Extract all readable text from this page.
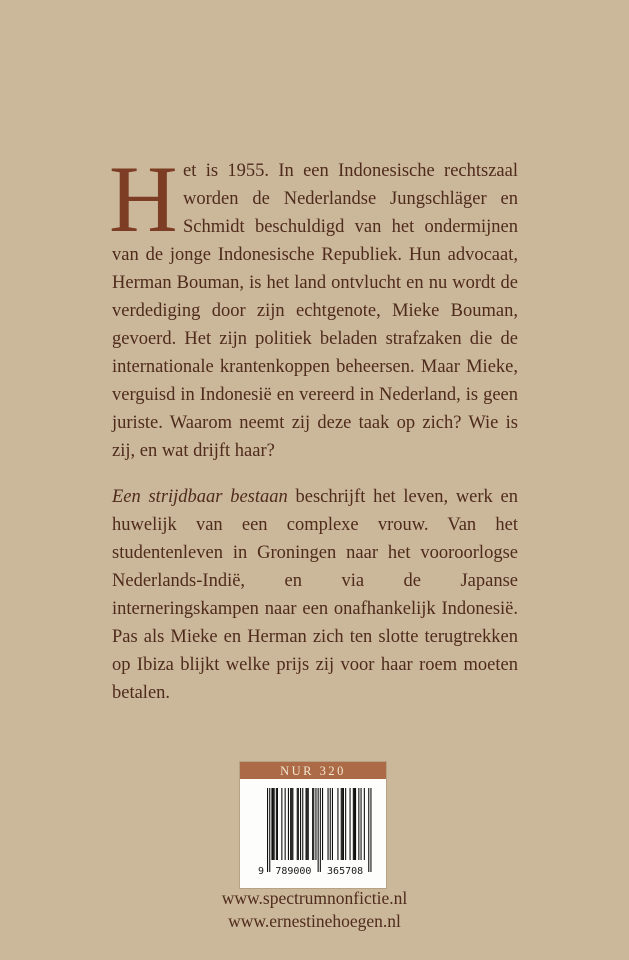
Het is 1955. In een Indonesische rechtszaal worden de Nederlandse Jungschläger en Schmidt beschuldigd van het ondermijnen van de jonge Indonesische Republiek. Hun advocaat, Herman Bouman, is het land ontvlucht en nu wordt de verdediging door zijn echtgenote, Mieke Bouman, gevoerd. Het zijn politiek beladen strafzaken die de internationale krantenkoppen beheersen. Maar Mieke, verguisd in Indonesië en vereerd in Nederland, is geen juriste. Waarom neemt zij deze taak op zich? Wie is zij, en wat drijft haar?

Een strijdbaar bestaan beschrijft het leven, werk en huwelijk van een complexe vrouw. Van het studentenleven in Groningen naar het vooroorlogse Nederlands-Indië, en via de Japanse interneringskampen naar een onafhankelijk Indonesië. Pas als Mieke en Herman zich ten slotte terugtrekken op Ibiza blijkt welke prijs zij voor haar roem moeten betalen.

NUR 320
9 789000 365708
www.spectrumnonfictie.nl
www.ernestinehoegen.nl
